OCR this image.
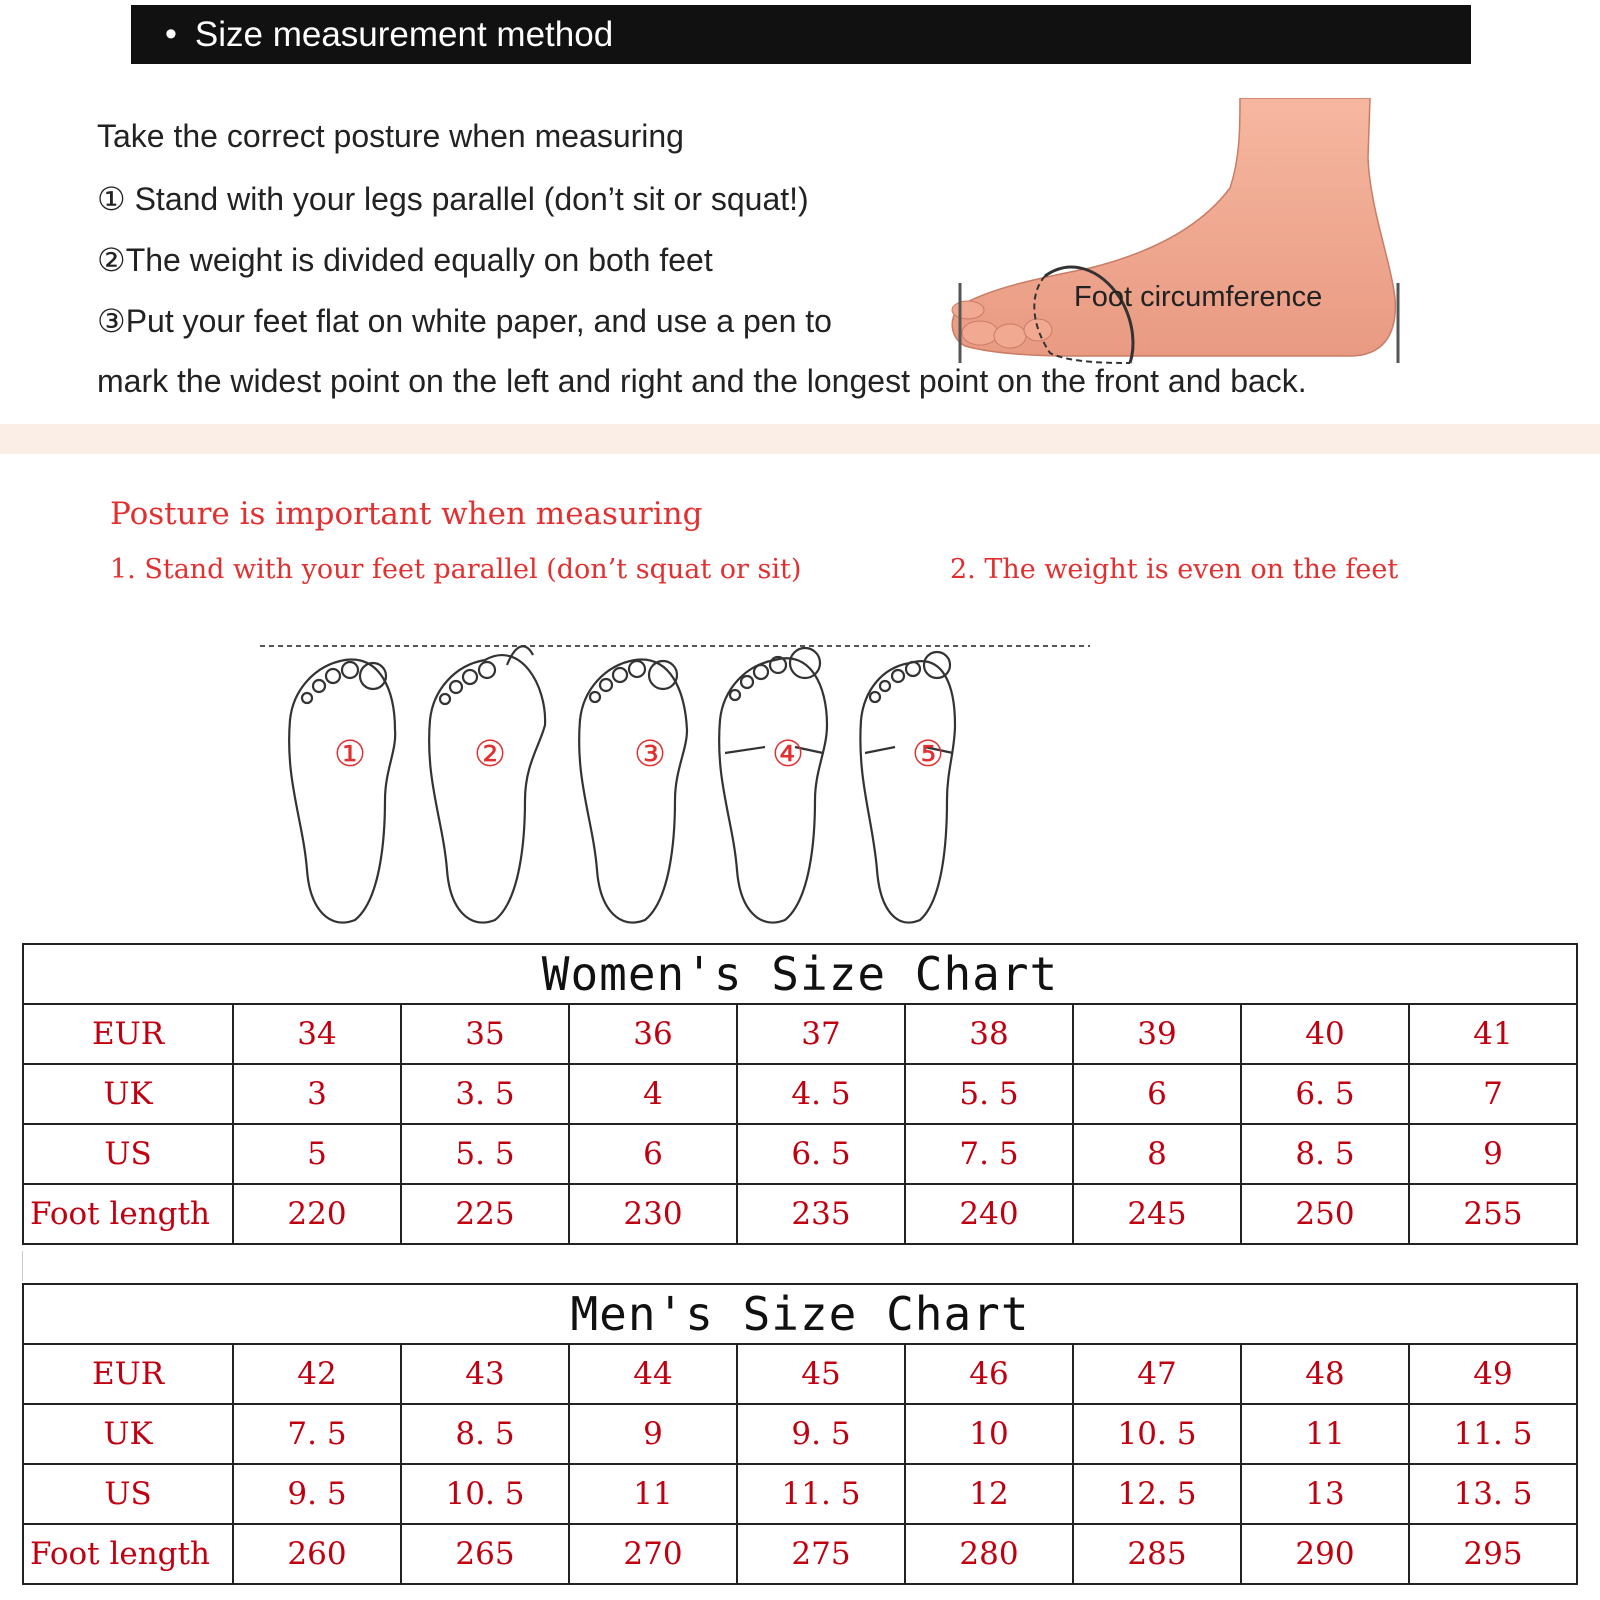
• Size measurement method
Take the correct posture when measuring
① Stand with your legs parallel (don’t sit or squat!)
②The weight is divided equally on both feet
③Put your feet flat on white paper, and use a pen to
mark the widest point on the left and right and the longest point on the front and back.
Foot circumference
Posture is important when measuring
1. Stand with your feet parallel (don’t squat or sit)	2. The weight is even on the feet
①	②	③	④	⑤
Women's Size Chart								
EUR	34	35	36	37	38	39	40	41
UK	3	3. 5	4	4. 5	5. 5	6	6. 5	7
US	5	5. 5	6	6. 5	7. 5	8	8. 5	9
Foot length	220	225	230	235	240	245	250	255
Men's Size Chart								
EUR	42	43	44	45	46	47	48	49
UK	7. 5	8. 5	9	9. 5	10	10. 5	11	11. 5
US	9. 5	10. 5	11	11. 5	12	12. 5	13	13. 5
Foot length	260	265	270	275	280	285	290	295
